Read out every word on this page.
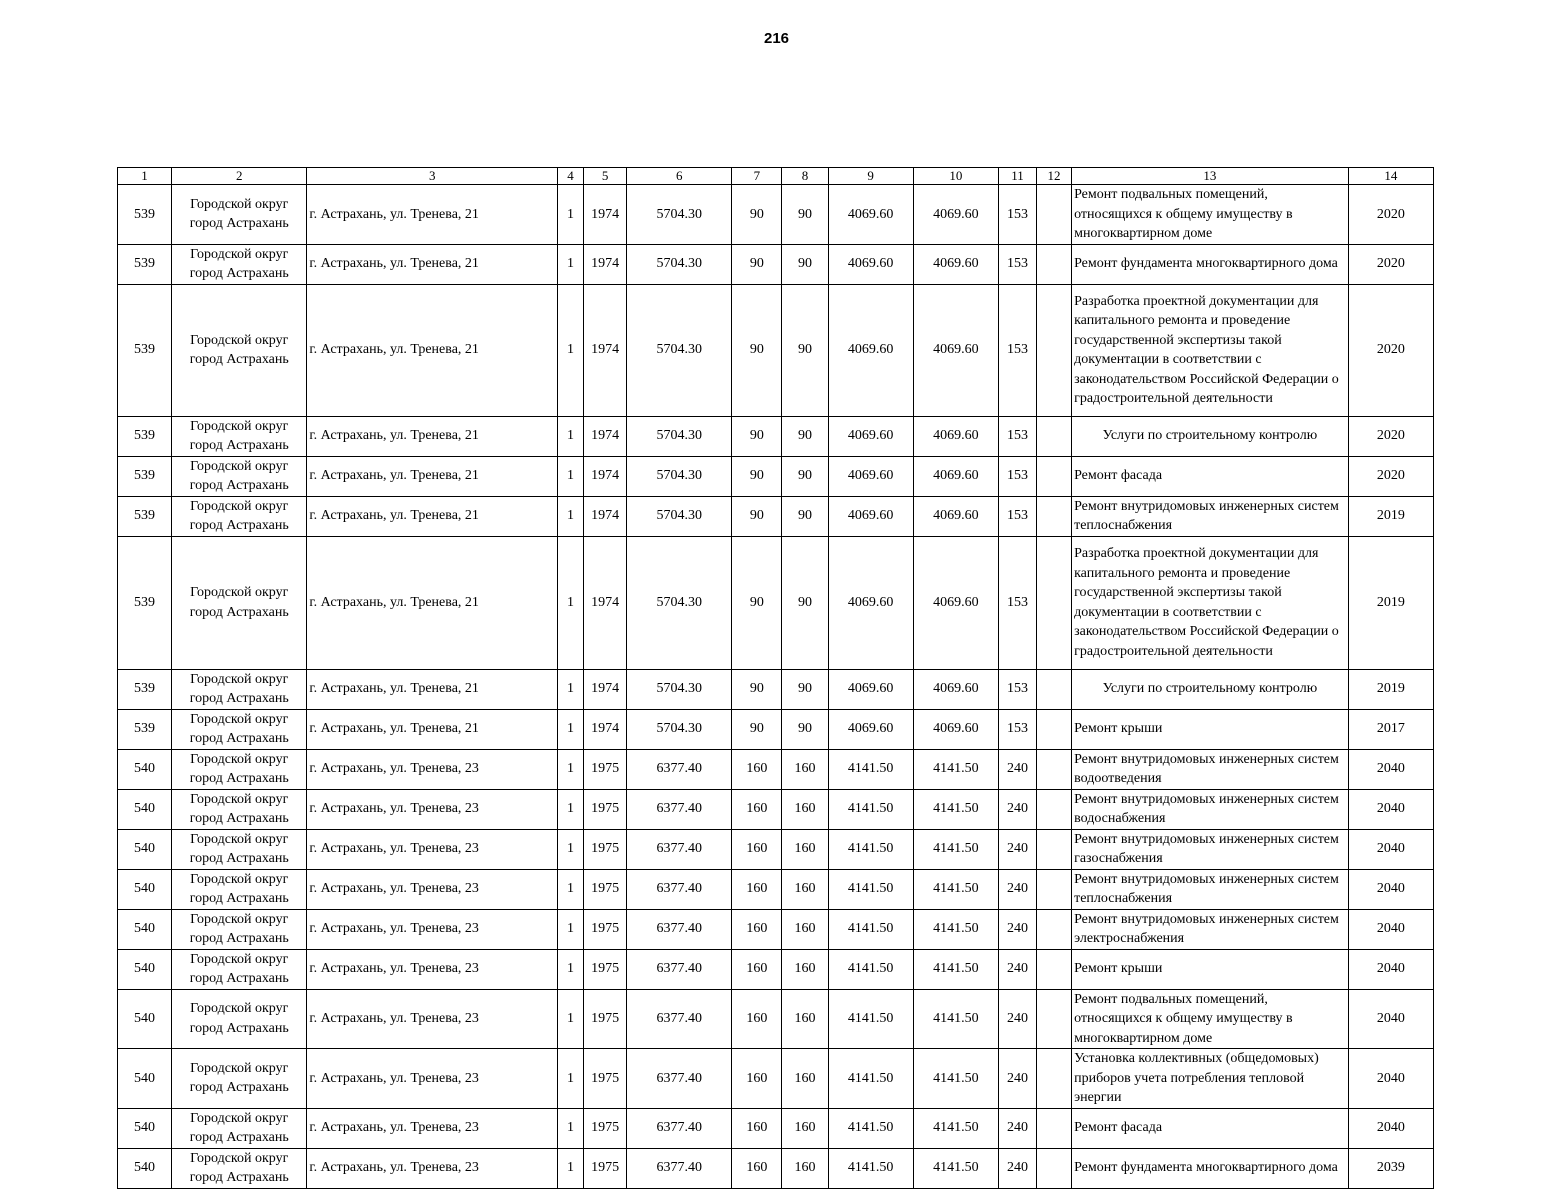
216
1	2	3	4	5	6	7	8	9	10	11	12	13	14
539	Городской округ город Астрахань	г. Астрахань, ул. Тренева, 21	1	1974	5704.30	90	90	4069.60	4069.60	153		Ремонт подвальных помещений, относящихся к общему имуществу в многоквартирном доме	2020
539	Городской округ город Астрахань	г. Астрахань, ул. Тренева, 21	1	1974	5704.30	90	90	4069.60	4069.60	153		Ремонт фундамента многоквартирного дома	2020
539	Городской округ город Астрахань	г. Астрахань, ул. Тренева, 21	1	1974	5704.30	90	90	4069.60	4069.60	153		Разработка проектной документации для капитального ремонта и проведение государственной экспертизы такой документации в соответствии с законодательством Российской Федерации о градостроительной деятельности	2020
539	Городской округ город Астрахань	г. Астрахань, ул. Тренева, 21	1	1974	5704.30	90	90	4069.60	4069.60	153		Услуги по строительному контролю	2020
539	Городской округ город Астрахань	г. Астрахань, ул. Тренева, 21	1	1974	5704.30	90	90	4069.60	4069.60	153		Ремонт фасада	2020
539	Городской округ город Астрахань	г. Астрахань, ул. Тренева, 21	1	1974	5704.30	90	90	4069.60	4069.60	153		Ремонт внутридомовых инженерных систем теплоснабжения	2019
539	Городской округ город Астрахань	г. Астрахань, ул. Тренева, 21	1	1974	5704.30	90	90	4069.60	4069.60	153		Разработка проектной документации для капитального ремонта и проведение государственной экспертизы такой документации в соответствии с законодательством Российской Федерации о градостроительной деятельности	2019
539	Городской округ город Астрахань	г. Астрахань, ул. Тренева, 21	1	1974	5704.30	90	90	4069.60	4069.60	153		Услуги по строительному контролю	2019
539	Городской округ город Астрахань	г. Астрахань, ул. Тренева, 21	1	1974	5704.30	90	90	4069.60	4069.60	153		Ремонт крыши	2017
540	Городской округ город Астрахань	г. Астрахань, ул. Тренева, 23	1	1975	6377.40	160	160	4141.50	4141.50	240		Ремонт внутридомовых инженерных систем водоотведения	2040
540	Городской округ город Астрахань	г. Астрахань, ул. Тренева, 23	1	1975	6377.40	160	160	4141.50	4141.50	240		Ремонт внутридомовых инженерных систем водоснабжения	2040
540	Городской округ город Астрахань	г. Астрахань, ул. Тренева, 23	1	1975	6377.40	160	160	4141.50	4141.50	240		Ремонт внутридомовых инженерных систем газоснабжения	2040
540	Городской округ город Астрахань	г. Астрахань, ул. Тренева, 23	1	1975	6377.40	160	160	4141.50	4141.50	240		Ремонт внутридомовых инженерных систем теплоснабжения	2040
540	Городской округ город Астрахань	г. Астрахань, ул. Тренева, 23	1	1975	6377.40	160	160	4141.50	4141.50	240		Ремонт внутридомовых инженерных систем электроснабжения	2040
540	Городской округ город Астрахань	г. Астрахань, ул. Тренева, 23	1	1975	6377.40	160	160	4141.50	4141.50	240		Ремонт крыши	2040
540	Городской округ город Астрахань	г. Астрахань, ул. Тренева, 23	1	1975	6377.40	160	160	4141.50	4141.50	240		Ремонт подвальных помещений, относящихся к общему имуществу в многоквартирном доме	2040
540	Городской округ город Астрахань	г. Астрахань, ул. Тренева, 23	1	1975	6377.40	160	160	4141.50	4141.50	240		Установка коллективных (общедомовых) приборов учета потребления тепловой энергии	2040
540	Городской округ город Астрахань	г. Астрахань, ул. Тренева, 23	1	1975	6377.40	160	160	4141.50	4141.50	240		Ремонт фасада	2040
540	Городской округ город Астрахань	г. Астрахань, ул. Тренева, 23	1	1975	6377.40	160	160	4141.50	4141.50	240		Ремонт фундамента многоквартирного дома	2039
